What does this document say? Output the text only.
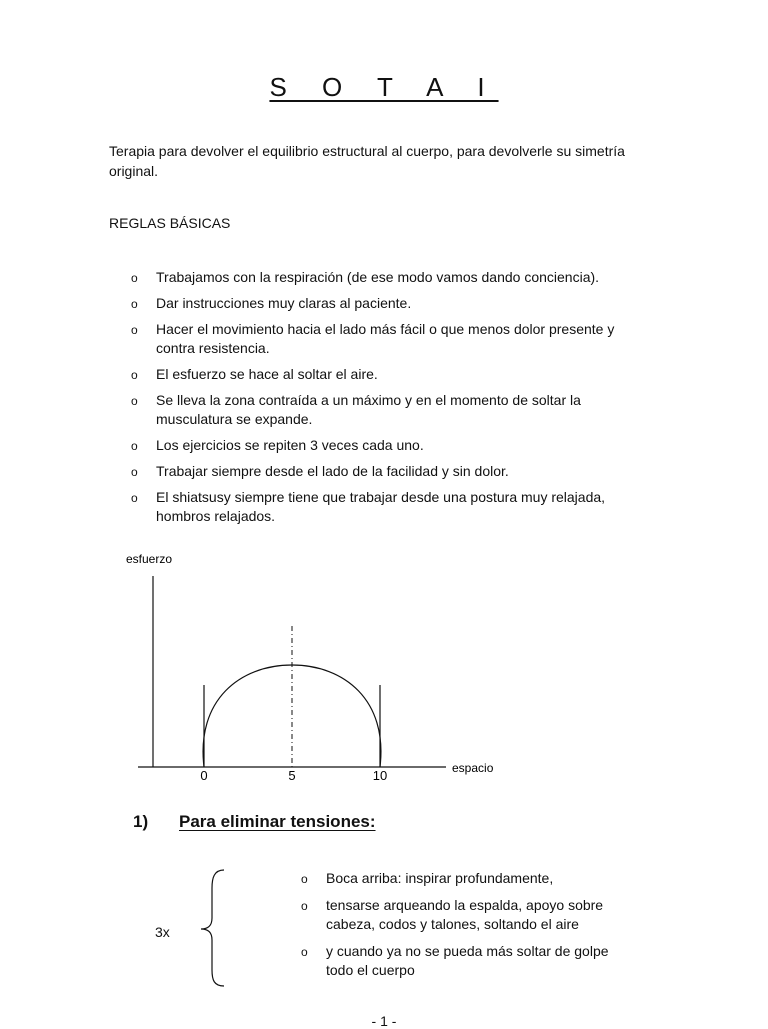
S O T A I
Terapia para devolver el equilibrio estructural al cuerpo, para devolverle su simetría original.
REGLAS BÁSICAS
o Trabajamos con la respiración (de ese modo vamos dando conciencia).
o Dar instrucciones muy claras al paciente.
o Hacer el movimiento hacia el lado más fácil o que menos dolor presente y contra resistencia.
o El esfuerzo se hace al soltar el aire.
o Se lleva la zona contraída a un máximo y en el momento de soltar la musculatura se expande.
o Los ejercicios se repiten 3 veces cada uno.
o Trabajar siempre desde el lado de la facilidad y sin dolor.
o El shiatsusy siempre tiene que trabajar desde una postura muy relajada, hombros relajados.
esfuerzo
0	5	10	espacio
1) Para eliminar tensiones:
3x
o Boca arriba: inspirar profundamente,
o tensarse arqueando la espalda, apoyo sobre cabeza, codos y talones, soltando el aire
o y cuando ya no se pueda más soltar de golpe todo el cuerpo
- 1 -
